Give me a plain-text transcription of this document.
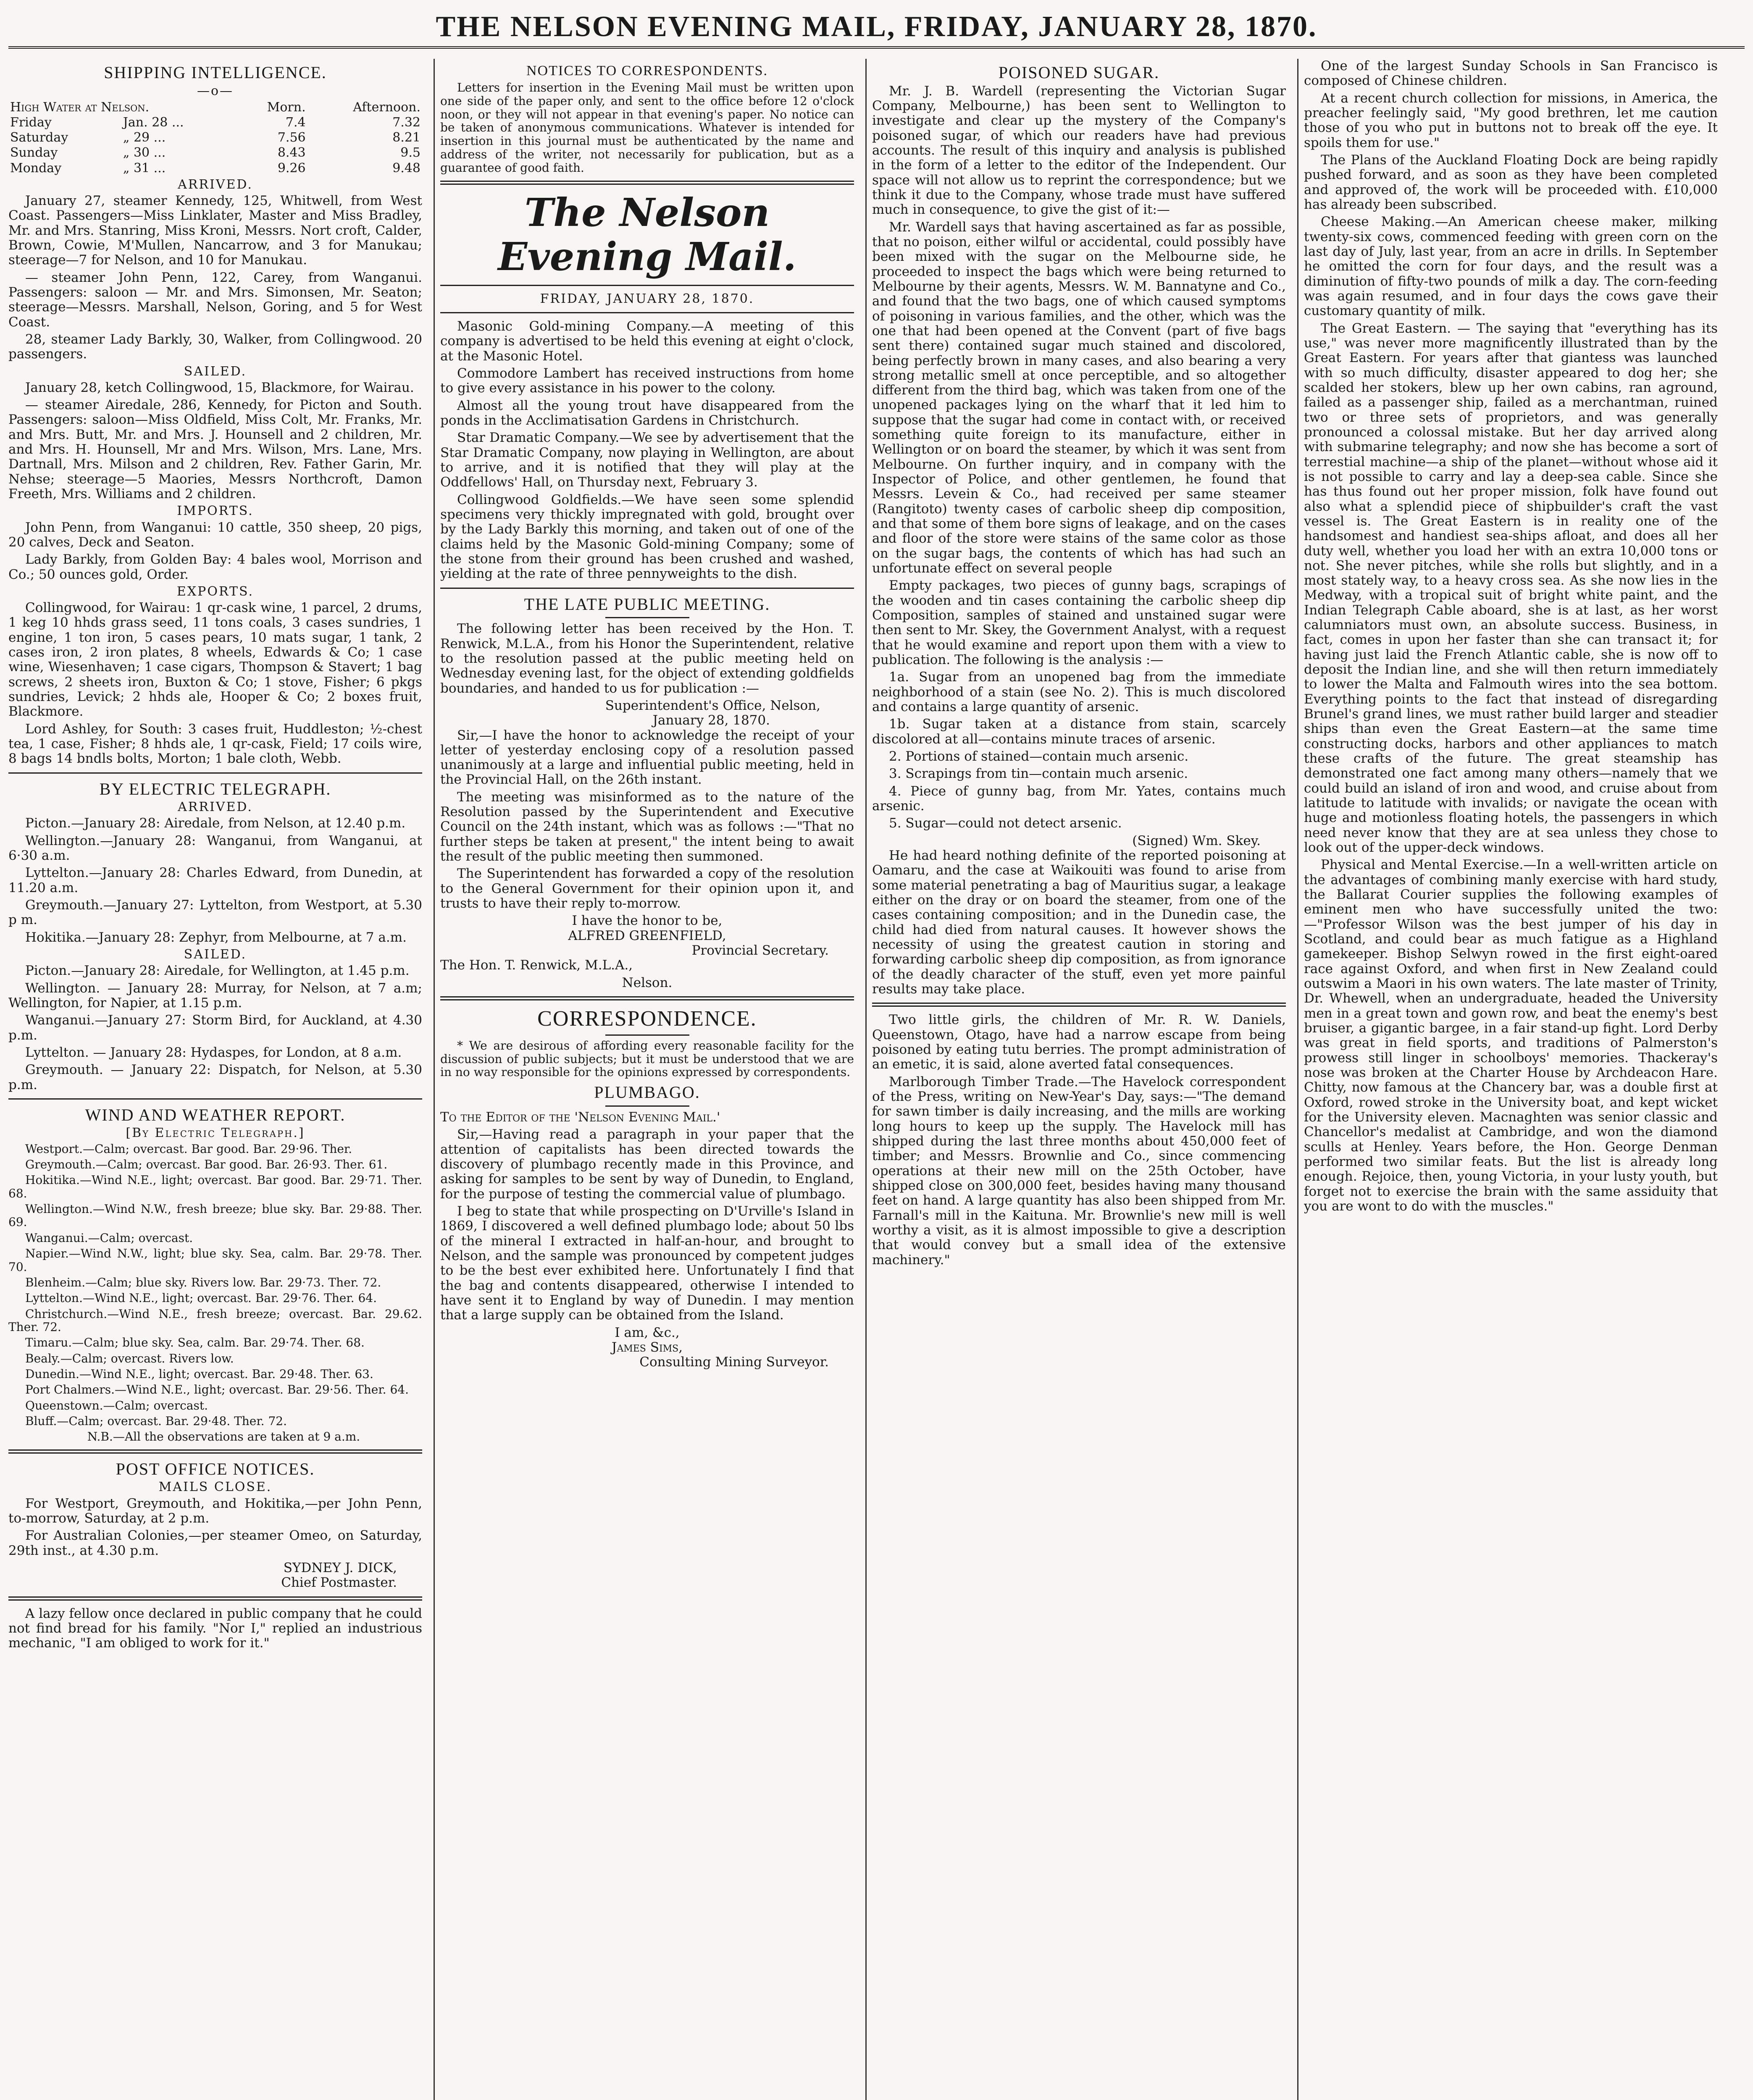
THE NELSON EVENING MAIL, FRIDAY, JANUARY 28, 1870.
SHIPPING INTELLIGENCE.
—o—
High Water at Nelson.		Morn.	Afternoon.
Friday	Jan. 28 ...	7.4	7.32
Saturday	„ 29 ...	7.56	8.21
Sunday	„ 30 ...	8.43	9.5
Monday	„ 31 ...	9.26	9.48
ARRIVED.

January 27, steamer Kennedy, 125, Whitwell, from West Coast. Passengers—Miss Linklater, Master and Miss Bradley, Mr. and Mrs. Stanring, Miss Kroni, Messrs. Nort croft, Calder, Brown, Cowie, M'Mullen, Nancarrow, and 3 for Manukau; steerage—7 for Nelson, and 10 for Manukau.

— steamer John Penn, 122, Carey, from Wanganui. Passengers: saloon — Mr. and Mrs. Simonsen, Mr. Seaton; steerage—Messrs. Marshall, Nelson, Goring, and 5 for West Coast.

28, steamer Lady Barkly, 30, Walker, from Collingwood. 20 passengers.

SAILED.

January 28, ketch Collingwood, 15, Blackmore, for Wairau.

— steamer Airedale, 286, Kennedy, for Picton and South. Passengers: saloon—Miss Oldfield, Miss Colt, Mr. Franks, Mr. and Mrs. Butt, Mr. and Mrs. J. Hounsell and 2 children, Mr. and Mrs. H. Hounsell, Mr and Mrs. Wilson, Mrs. Lane, Mrs. Dartnall, Mrs. Milson and 2 children, Rev. Father Garin, Mr. Nehse; steerage—5 Maories, Messrs Northcroft, Damon Freeth, Mrs. Williams and 2 children.

IMPORTS.

John Penn, from Wanganui: 10 cattle, 350 sheep, 20 pigs, 20 calves, Deck and Seaton.

Lady Barkly, from Golden Bay: 4 bales wool, Morrison and Co.; 50 ounces gold, Order.

EXPORTS.

Collingwood, for Wairau: 1 qr-cask wine, 1 parcel, 2 drums, 1 keg 10 hhds grass seed, 11 tons coals, 3 cases sundries, 1 engine, 1 ton iron, 5 cases pears, 10 mats sugar, 1 tank, 2 cases iron, 2 iron plates, 8 wheels, Edwards & Co; 1 case wine, Wiesenhaven; 1 case cigars, Thompson & Stavert; 1 bag screws, 2 sheets iron, Buxton & Co; 1 stove, Fisher; 6 pkgs sundries, Levick; 2 hhds ale, Hooper & Co; 2 boxes fruit, Blackmore.

Lord Ashley, for South: 3 cases fruit, Huddleston; ½-chest tea, 1 case, Fisher; 8 hhds ale, 1 qr-cask, Field; 17 coils wire, 8 bags 14 bndls bolts, Morton; 1 bale cloth, Webb.

BY ELECTRIC TELEGRAPH.
ARRIVED.

Picton.—January 28: Airedale, from Nelson, at 12.40 p.m.

Wellington.—January 28: Wanganui, from Wanganui, at 6·30 a.m.

Lyttelton.—January 28: Charles Edward, from Dunedin, at 11.20 a.m.

Greymouth.—January 27: Lyttelton, from Westport, at 5.30 p m.

Hokitika.—January 28: Zephyr, from Melbourne, at 7 a.m.

SAILED.

Picton.—January 28: Airedale, for Wellington, at 1.45 p.m.

Wellington. — January 28: Murray, for Nelson, at 7 a.m; Wellington, for Napier, at 1.15 p.m.

Wanganui.—January 27: Storm Bird, for Auckland, at 4.30 p.m.

Lyttelton. — January 28: Hydaspes, for London, at 8 a.m.

Greymouth. — January 22: Dispatch, for Nelson, at 5.30 p.m.

WIND AND WEATHER REPORT.
[By Electric Telegraph.]

Westport.—Calm; overcast. Bar good. Bar. 29·96. Ther.

Greymouth.—Calm; overcast. Bar good. Bar. 26·93. Ther. 61.

Hokitika.—Wind N.E., light; overcast. Bar good. Bar. 29·71. Ther. 68.

Wellington.—Wind N.W., fresh breeze; blue sky. Bar. 29·88. Ther. 69.

Wanganui.—Calm; overcast.

Napier.—Wind N.W., light; blue sky. Sea, calm. Bar. 29·78. Ther. 70.

Blenheim.—Calm; blue sky. Rivers low. Bar. 29·73. Ther. 72.

Lyttelton.—Wind N.E., light; overcast. Bar. 29·76. Ther. 64.

Christchurch.—Wind N.E., fresh breeze; overcast. Bar. 29.62. Ther. 72.

Timaru.—Calm; blue sky. Sea, calm. Bar. 29·74. Ther. 68.

Bealy.—Calm; overcast. Rivers low.

Dunedin.—Wind N.E., light; overcast. Bar. 29·48. Ther. 63.

Port Chalmers.—Wind N.E., light; overcast. Bar. 29·56. Ther. 64.

Queenstown.—Calm; overcast.

Bluff.—Calm; overcast. Bar. 29·48. Ther. 72.

N.B.—All the observations are taken at 9 a.m.

POST OFFICE NOTICES.
MAILS CLOSE.

For Westport, Greymouth, and Hokitika,—per John Penn, to-morrow, Saturday, at 2 p.m.

For Australian Colonies,—per steamer Omeo, on Saturday, 29th inst., at 4.30 p.m.

SYDNEY J. DICK,
Chief Postmaster.

A lazy fellow once declared in public company that he could not find bread for his family. "Nor I," replied an industrious mechanic, "I am obliged to work for it."

NOTICES TO CORRESPONDENTS.

Letters for insertion in the Evening Mail must be written upon one side of the paper only, and sent to the office before 12 o'clock noon, or they will not appear in that evening's paper. No notice can be taken of anonymous communications. Whatever is intended for insertion in this journal must be authenticated by the name and address of the writer, not necessarily for publication, but as a guarantee of good faith.

The Nelson Evening Mail.
FRIDAY, JANUARY 28, 1870.

Masonic Gold-mining Company.—A meeting of this company is advertised to be held this evening at eight o'clock, at the Masonic Hotel.

Commodore Lambert has received instructions from home to give every assistance in his power to the colony.

Almost all the young trout have disappeared from the ponds in the Acclimatisation Gardens in Christchurch.

Star Dramatic Company.—We see by advertisement that the Star Dramatic Company, now playing in Wellington, are about to arrive, and it is notified that they will play at the Oddfellows' Hall, on Thursday next, February 3.

Collingwood Goldfields.—We have seen some splendid specimens very thickly impregnated with gold, brought over by the Lady Barkly this morning, and taken out of one of the claims held by the Masonic Gold-mining Company; some of the stone from their ground has been crushed and washed, yielding at the rate of three pennyweights to the dish.

THE LATE PUBLIC MEETING.

The following letter has been received by the Hon. T. Renwick, M.L.A., from his Honor the Superintendent, relative to the resolution passed at the public meeting held on Wednesday evening last, for the object of extending goldfields boundaries, and handed to us for publication :—

Superintendent's Office, Nelson,
January 28, 1870.

Sir,—I have the honor to acknowledge the receipt of your letter of yesterday enclosing copy of a resolution passed unanimously at a large and influential public meeting, held in the Provincial Hall, on the 26th instant.

The meeting was misinformed as to the nature of the Resolution passed by the Superintendent and Executive Council on the 24th instant, which was as follows :—"That no further steps be taken at present," the intent being to await the result of the public meeting then summoned.

The Superintendent has forwarded a copy of the resolution to the General Government for their opinion upon it, and trusts to have their reply to-morrow.

I have the honor to be,
ALFRED GREENFIELD,
Provincial Secretary.

The Hon. T. Renwick, M.L.A.,

Nelson.
CORRESPONDENCE.

* We are desirous of affording every reasonable facility for the discussion of public subjects; but it must be understood that we are in no way responsible for the opinions expressed by correspondents.

PLUMBAGO.

To the Editor of the 'Nelson Evening Mail.'

Sir,—Having read a paragraph in your paper that the attention of capitalists has been directed towards the discovery of plumbago recently made in this Province, and asking for samples to be sent by way of Dunedin, to England, for the purpose of testing the commercial value of plumbago.

I beg to state that while prospecting on D'Urville's Island in 1869, I discovered a well defined plumbago lode; about 50 lbs of the mineral I extracted in half-an-hour, and brought to Nelson, and the sample was pronounced by competent judges to be the best ever exhibited here. Unfortunately I find that the bag and contents disappeared, otherwise I intended to have sent it to England by way of Dunedin. I may mention that a large supply can be obtained from the Island.

I am, &c.,
James Sims,
Consulting Mining Surveyor.
POISONED SUGAR.

Mr. J. B. Wardell (representing the Victorian Sugar Company, Melbourne,) has been sent to Wellington to investigate and clear up the mystery of the Company's poisoned sugar, of which our readers have had previous accounts. The result of this inquiry and analysis is published in the form of a letter to the editor of the Independent. Our space will not allow us to reprint the correspondence; but we think it due to the Company, whose trade must have suffered much in consequence, to give the gist of it:—

Mr. Wardell says that having ascertained as far as possible, that no poison, either wilful or accidental, could possibly have been mixed with the sugar on the Melbourne side, he proceeded to inspect the bags which were being returned to Melbourne by their agents, Messrs. W. M. Bannatyne and Co., and found that the two bags, one of which caused symptoms of poisoning in various families, and the other, which was the one that had been opened at the Convent (part of five bags sent there) contained sugar much stained and discolored, being perfectly brown in many cases, and also bearing a very strong metallic smell at once perceptible, and so altogether different from the third bag, which was taken from one of the unopened packages lying on the wharf that it led him to suppose that the sugar had come in contact with, or received something quite foreign to its manufacture, either in Wellington or on board the steamer, by which it was sent from Melbourne. On further inquiry, and in company with the Inspector of Police, and other gentlemen, he found that Messrs. Levein & Co., had received per same steamer (Rangitoto) twenty cases of carbolic sheep dip composition, and that some of them bore signs of leakage, and on the cases and floor of the store were stains of the same color as those on the sugar bags, the contents of which has had such an unfortunate effect on several people

Empty packages, two pieces of gunny bags, scrapings of the wooden and tin cases containing the carbolic sheep dip Composition, samples of stained and unstained sugar were then sent to Mr. Skey, the Government Analyst, with a request that he would examine and report upon them with a view to publication. The following is the analysis :—

1a. Sugar from an unopened bag from the immediate neighborhood of a stain (see No. 2). This is much discolored and contains a large quantity of arsenic.

1b. Sugar taken at a distance from stain, scarcely discolored at all—contains minute traces of arsenic.

2. Portions of stained—contain much arsenic.

3. Scrapings from tin—contain much arsenic.

4. Piece of gunny bag, from Mr. Yates, contains much arsenic.

5. Sugar—could not detect arsenic.

(Signed) Wm. Skey.

He had heard nothing definite of the reported poisoning at Oamaru, and the case at Waikouiti was found to arise from some material penetrating a bag of Mauritius sugar, a leakage either on the dray or on board the steamer, from one of the cases containing composition; and in the Dunedin case, the child had died from natural causes. It however shows the necessity of using the greatest caution in storing and forwarding carbolic sheep dip composition, as from ignorance of the deadly character of the stuff, even yet more painful results may take place.

Two little girls, the children of Mr. R. W. Daniels, Queenstown, Otago, have had a narrow escape from being poisoned by eating tutu berries. The prompt administration of an emetic, it is said, alone averted fatal consequences.

Marlborough Timber Trade.—The Havelock correspondent of the Press, writing on New-Year's Day, says:—"The demand for sawn timber is daily increasing, and the mills are working long hours to keep up the supply. The Havelock mill has shipped during the last three months about 450,000 feet of timber; and Messrs. Brownlie and Co., since commencing operations at their new mill on the 25th October, have shipped close on 300,000 feet, besides having many thousand feet on hand. A large quantity has also been shipped from Mr. Farnall's mill in the Kaituna. Mr. Brownlie's new mill is well worthy a visit, as it is almost impossible to give a description that would convey but a small idea of the extensive machinery."

One of the largest Sunday Schools in San Francisco is composed of Chinese children.

At a recent church collection for missions, in America, the preacher feelingly said, "My good brethren, let me caution those of you who put in buttons not to break off the eye. It spoils them for use."

The Plans of the Auckland Floating Dock are being rapidly pushed forward, and as soon as they have been completed and approved of, the work will be proceeded with. £10,000 has already been subscribed.

Cheese Making.—An American cheese maker, milking twenty-six cows, commenced feeding with green corn on the last day of July, last year, from an acre in drills. In September he omitted the corn for four days, and the result was a diminution of fifty-two pounds of milk a day. The corn-feeding was again resumed, and in four days the cows gave their customary quantity of milk.

The Great Eastern. — The saying that "everything has its use," was never more magnificently illustrated than by the Great Eastern. For years after that giantess was launched with so much difficulty, disaster appeared to dog her; she scalded her stokers, blew up her own cabins, ran aground, failed as a passenger ship, failed as a merchantman, ruined two or three sets of proprietors, and was generally pronounced a colossal mistake. But her day arrived along with submarine telegraphy; and now she has become a sort of terrestial machine—a ship of the planet—without whose aid it is not possible to carry and lay a deep-sea cable. Since she has thus found out her proper mission, folk have found out also what a splendid piece of shipbuilder's craft the vast vessel is. The Great Eastern is in reality one of the handsomest and handiest sea-ships afloat, and does all her duty well, whether you load her with an extra 10,000 tons or not. She never pitches, while she rolls but slightly, and in a most stately way, to a heavy cross sea. As she now lies in the Medway, with a tropical suit of bright white paint, and the Indian Telegraph Cable aboard, she is at last, as her worst calumniators must own, an absolute success. Business, in fact, comes in upon her faster than she can transact it; for having just laid the French Atlantic cable, she is now off to deposit the Indian line, and she will then return immediately to lower the Malta and Falmouth wires into the sea bottom. Everything points to the fact that instead of disregarding Brunel's grand lines, we must rather build larger and steadier ships than even the Great Eastern—at the same time constructing docks, harbors and other appliances to match these crafts of the future. The great steamship has demonstrated one fact among many others—namely that we could build an island of iron and wood, and cruise about from latitude to latitude with invalids; or navigate the ocean with huge and motionless floating hotels, the passengers in which need never know that they are at sea unless they chose to look out of the upper-deck windows.

Physical and Mental Exercise.—In a well-written article on the advantages of combining manly exercise with hard study, the Ballarat Courier supplies the following examples of eminent men who have successfully united the two:—"Professor Wilson was the best jumper of his day in Scotland, and could bear as much fatigue as a Highland gamekeeper. Bishop Selwyn rowed in the first eight-oared race against Oxford, and when first in New Zealand could outswim a Maori in his own waters. The late master of Trinity, Dr. Whewell, when an undergraduate, headed the University men in a great town and gown row, and beat the enemy's best bruiser, a gigantic bargee, in a fair stand-up fight. Lord Derby was great in field sports, and traditions of Palmerston's prowess still linger in schoolboys' memories. Thackeray's nose was broken at the Charter House by Archdeacon Hare. Chitty, now famous at the Chancery bar, was a double first at Oxford, rowed stroke in the University boat, and kept wicket for the University eleven. Macnaghten was senior classic and Chancellor's medalist at Cambridge, and won the diamond sculls at Henley. Years before, the Hon. George Denman performed two similar feats. But the list is already long enough. Rejoice, then, young Victoria, in your lusty youth, but forget not to exercise the brain with the same assiduity that you are wont to do with the muscles."
